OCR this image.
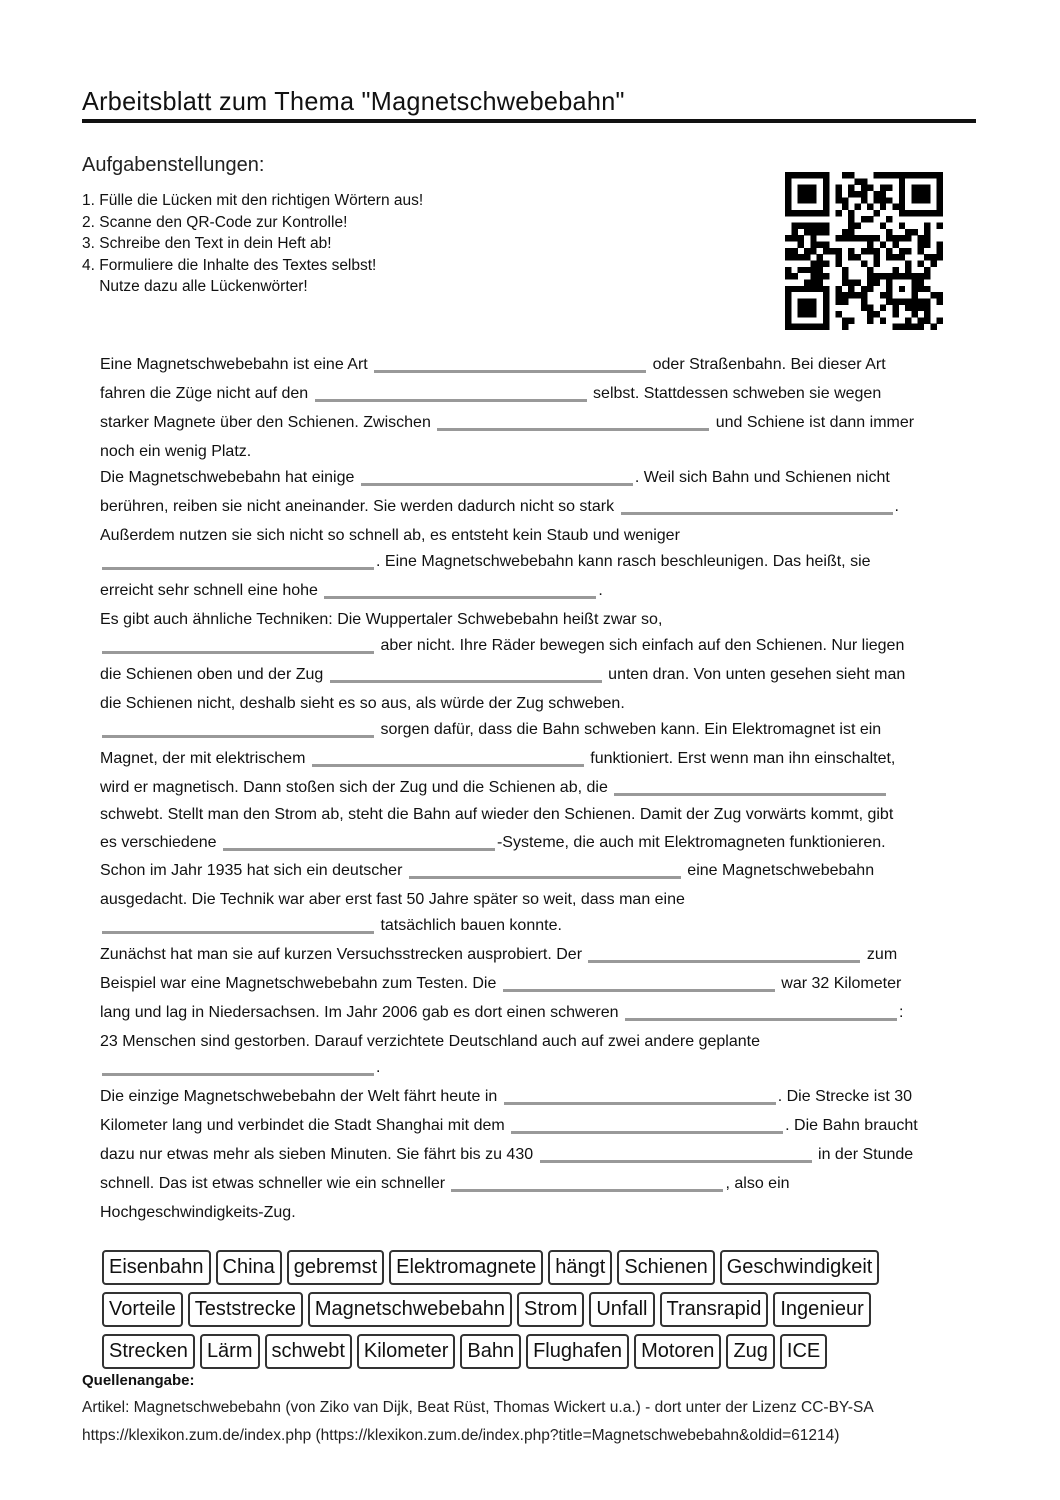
Arbeitsblatt zum Thema "Magnetschwebebahn"
Aufgabenstellungen:
1. Fülle die Lücken mit den richtigen Wörtern aus!
2. Scanne den QR-Code zur Kontrolle!
3. Schreibe den Text in dein Heft ab!
4. Formuliere die Inhalte des Textes selbst!
Nutze dazu alle Lückenwörter!
Eine Magnetschwebebahn ist eine Art	oder Straßenbahn. Bei dieser Art
fahren die Züge nicht auf den	selbst. Stattdessen schweben sie wegen
starker Magnete über den Schienen. Zwischen	und Schiene ist dann immer
noch ein wenig Platz.
Die Magnetschwebebahn hat einige	. Weil sich Bahn und Schienen nicht
berühren, reiben sie nicht aneinander. Sie werden dadurch nicht so stark	.
Außerdem nutzen sie sich nicht so schnell ab, es entsteht kein Staub und weniger
. Eine Magnetschwebebahn kann rasch beschleunigen. Das heißt, sie
erreicht sehr schnell eine hohe	.
Es gibt auch ähnliche Techniken: Die Wuppertaler Schwebebahn heißt zwar so,
aber nicht. Ihre Räder bewegen sich einfach auf den Schienen. Nur liegen
die Schienen oben und der Zug	unten dran. Von unten gesehen sieht man
die Schienen nicht, deshalb sieht es so aus, als würde der Zug schweben.
sorgen dafür, dass die Bahn schweben kann. Ein Elektromagnet ist ein
Magnet, der mit elektrischem	funktioniert. Erst wenn man ihn einschaltet,
wird er magnetisch. Dann stoßen sich der Zug und die Schienen ab, die
schwebt. Stellt man den Strom ab, steht die Bahn auf wieder den Schienen. Damit der Zug vorwärts kommt, gibt
es verschiedene	-Systeme, die auch mit Elektromagneten funktionieren.
Schon im Jahr 1935 hat sich ein deutscher	eine Magnetschwebebahn
ausgedacht. Die Technik war aber erst fast 50 Jahre später so weit, dass man eine
tatsächlich bauen konnte.
Zunächst hat man sie auf kurzen Versuchsstrecken ausprobiert. Der	zum
Beispiel war eine Magnetschwebebahn zum Testen. Die	war 32 Kilometer
lang und lag in Niedersachsen. Im Jahr 2006 gab es dort einen schweren	:
23 Menschen sind gestorben. Darauf verzichtete Deutschland auch auf zwei andere geplante
.
Die einzige Magnetschwebebahn der Welt fährt heute in	. Die Strecke ist 30
Kilometer lang und verbindet die Stadt Shanghai mit dem	. Die Bahn braucht
dazu nur etwas mehr als sieben Minuten. Sie fährt bis zu 430	in der Stunde
schnell. Das ist etwas schneller wie ein schneller	, also ein
Hochgeschwindigkeits-Zug.
Eisenbahn China gebremst Elektromagnete hängt Schienen Geschwindigkeit
Vorteile Teststrecke Magnetschwebebahn Strom Unfall Transrapid Ingenieur
Strecken Lärm schwebt Kilometer Bahn Flughafen Motoren Zug ICE
Quellenangabe:
Artikel: Magnetschwebebahn (von Ziko van Dijk, Beat Rüst, Thomas Wickert u.a.) - dort unter der Lizenz CC-BY-SA
https://klexikon.zum.de/index.php (https://klexikon.zum.de/index.php?title=Magnetschwebebahn&oldid=61214)
